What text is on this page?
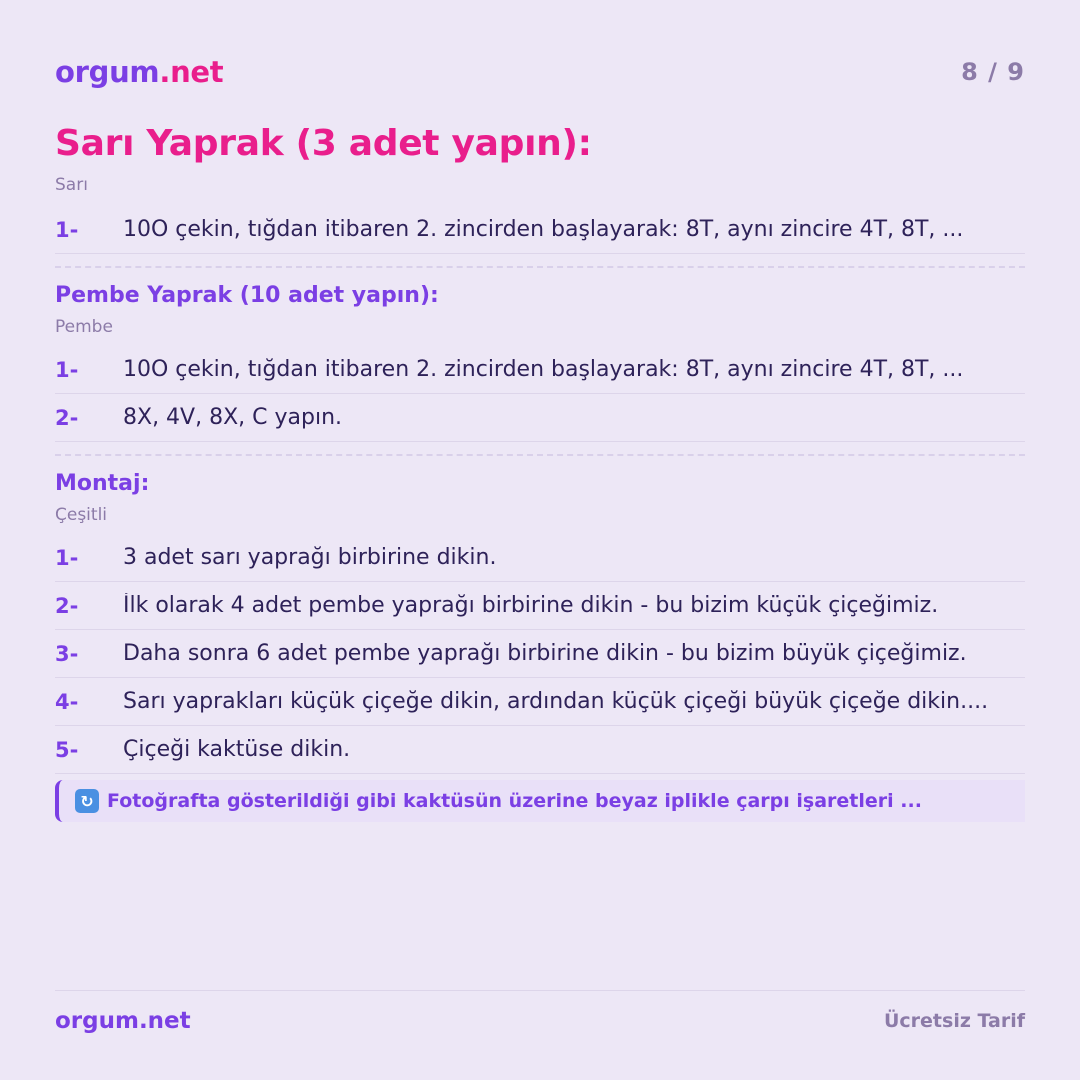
orgum.net	8 / 9
Sarı Yaprak (3 adet yapın):
Sarı
1-	10O çekin, tığdan itibaren 2. zincirden başlayarak: 8T, aynı zincire 4T, 8T, ...
Pembe Yaprak (10 adet yapın):
Pembe
1-	10O çekin, tığdan itibaren 2. zincirden başlayarak: 8T, aynı zincire 4T, 8T, ...
2-	8X, 4V, 8X, C yapın.
Montaj:
Çeşitli
1-	3 adet sarı yaprağı birbirine dikin.
2-	İlk olarak 4 adet pembe yaprağı birbirine dikin - bu bizim küçük çiçeğimiz.
3-	Daha sonra 6 adet pembe yaprağı birbirine dikin - bu bizim büyük çiçeğimiz.
4-	Sarı yaprakları küçük çiçeğe dikin, ardından küçük çiçeği büyük çiçeğe dikin....
5-	Çiçeği kaktüse dikin.
↻ Fotoğrafta gösterildiği gibi kaktüsün üzerine beyaz iplikle çarpı işaretleri ...
orgum.net	Ücretsiz Tarif
